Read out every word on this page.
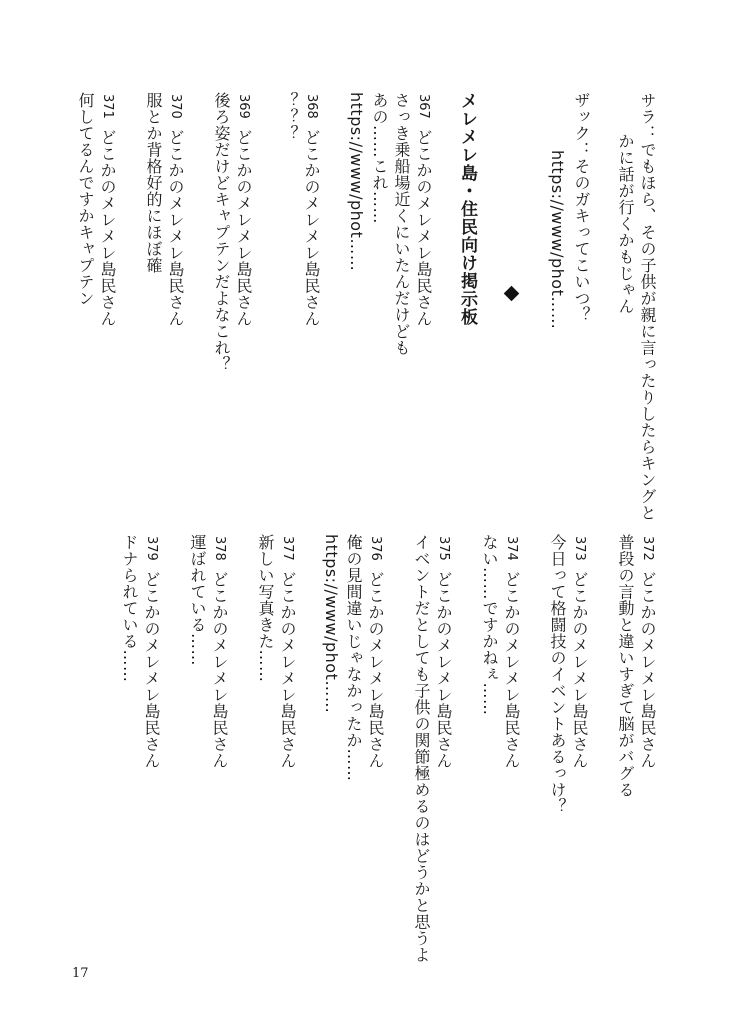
サラ：でもほら、その子供が親に言ったりしたらキングと
かに話が行くかもじゃん
ザック：そのガキってこいつ？
https://www/phot……
メレメレ島・住民向け掲示板
367どこかのメレメレ島民さん
さっき乗船場近くにいたんだけども
あの……これ……
https://www/phot……
368どこかのメレメレ島民さん
？？？
369どこかのメレメレ島民さん
後ろ姿だけどキャプテンだよなこれ？
370どこかのメレメレ島民さん
服とか背格好的にほぼ確
371どこかのメレメレ島民さん
何してるんですかキャプテン
372どこかのメレメレ島民さん
普段の言動と違いすぎて脳がバグる
373どこかのメレメレ島民さん
今日って格闘技のイベントあるっけ？
374どこかのメレメレ島民さん
ない……ですかねぇ……
375どこかのメレメレ島民さん
イベントだとしても子供の関節極めるのはどうかと思うよ
376どこかのメレメレ島民さん
俺の見間違いじゃなかったか……
https://www/phot……
377どこかのメレメレ島民さん
新しい写真きた……
378どこかのメレメレ島民さん
運ばれている……
379どこかのメレメレ島民さん
ドナられている……
17
